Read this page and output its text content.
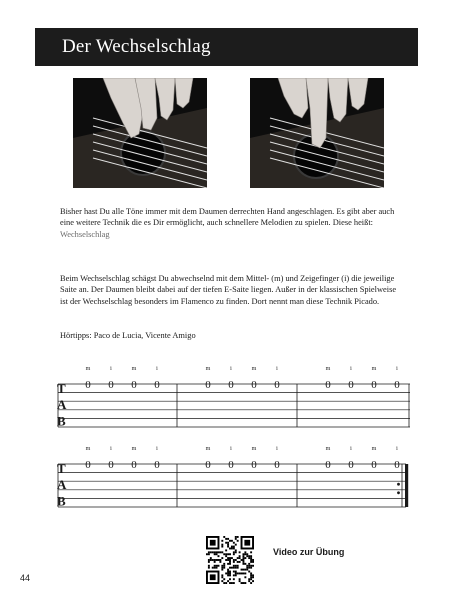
Der Wechselschlag

Bisher hast Du alle Töne immer mit dem Daumen derrechten Hand angeschlagen. Es gibt aber auch eine weitere Technik die es Dir ermöglicht, auch schnellere Melodien zu spielen. Diese heißt: Wechselschlag

Beim Wechselschlag schägst Du abwechselnd mit dem Mittel- (m) und Zeigefinger (i) die jeweilige Saite an. Der Daumen bleibt dabei auf der tiefen E-Saite liegen. Außer in der klassischen Spielweise ist der Wechselschlag besonders im Flamenco zu finden. Dort nennt man diese Technik Picado.

Hörtipps: Paco de Lucia, Vicente Amigo

T
A
B
0
m
0
i
0
m
0
i
0
m
0
i
0
m
0
i
0
m
0
i
0
m
0
i
T
A
B
0
m
0
i
0
m
0
i
0
m
0
i
0
m
0
i
0
m
0
i
0
m
0
i
Video zur Übung
44
